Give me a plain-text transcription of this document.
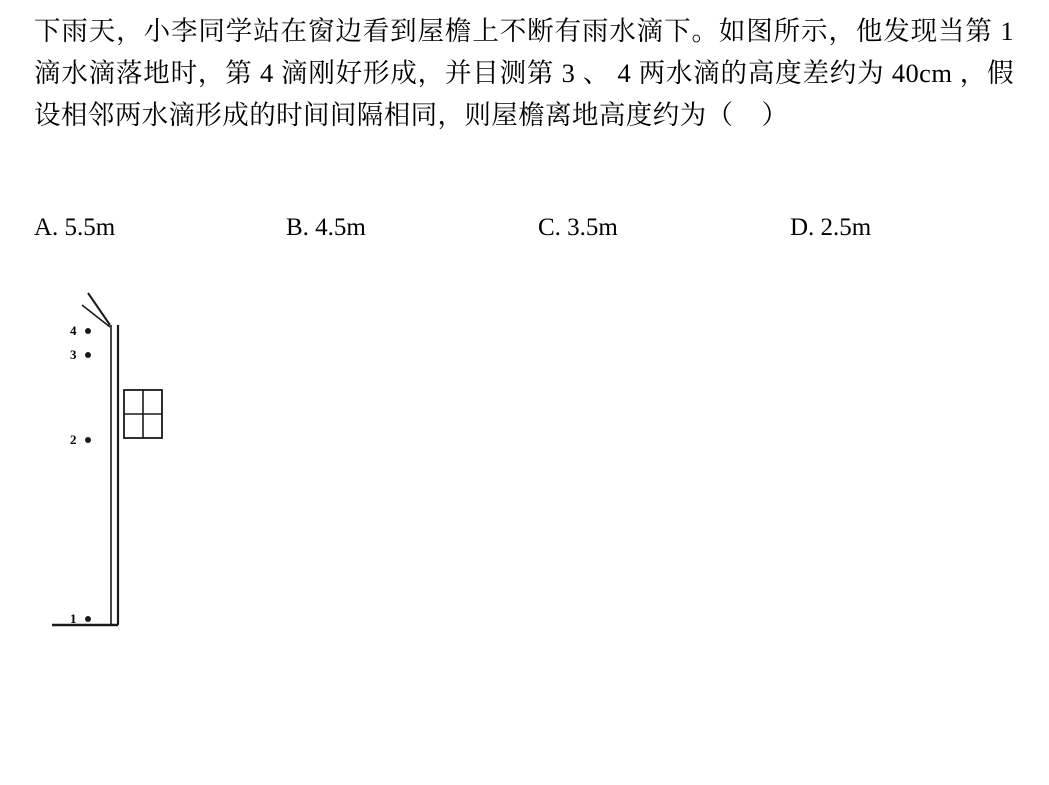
下雨天，小李同学站在窗边看到屋檐上不断有雨水滴下。如图所示，他发现当第 1 滴水滴落地时，第 4 滴刚好形成，并目测第 3 、 4 两水滴的高度差约为 40cm ，假设相邻两水滴形成的时间间隔相同，则屋檐离地高度约为（    ）
A. 5.5m	B. 4.5m	C. 3.5m	D. 2.5m
4
3
2
1
